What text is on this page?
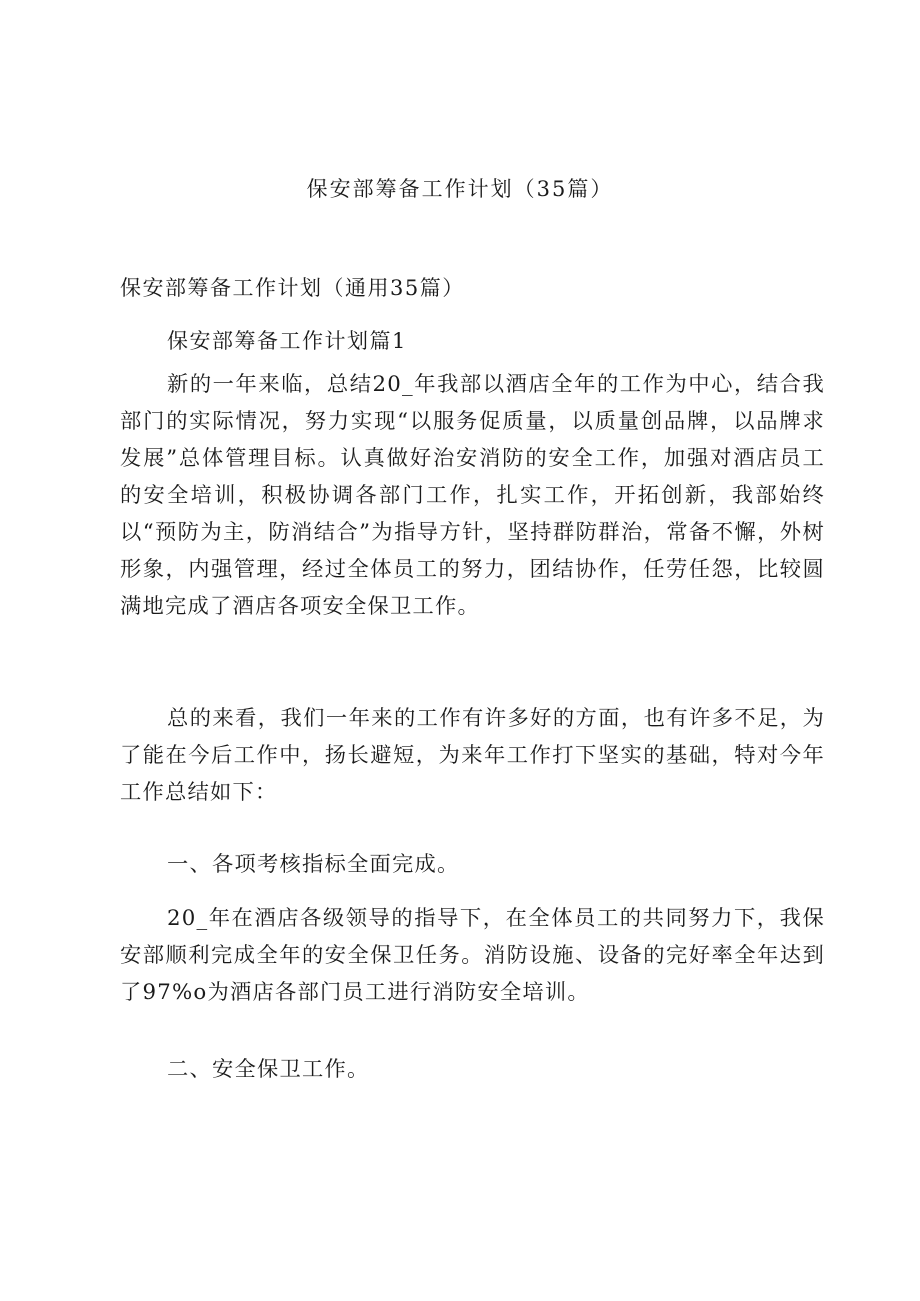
保安部筹备工作计划（35篇）

保安部筹备工作计划（通用35篇）

保安部筹备工作计划篇1

新的一年来临，总结20_年我部以酒店全年的工作为中心，结合我部门的实际情况，努力实现“以服务促质量，以质量创品牌，以品牌求发展”总体管理目标。认真做好治安消防的安全工作，加强对酒店员工的安全培训，积极协调各部门工作，扎实工作，开拓创新，我部始终以“预防为主，防消结合”为指导方针，坚持群防群治，常备不懈，外树形象，内强管理，经过全体员工的努力，团结协作，任劳任怨，比较圆满地完成了酒店各项安全保卫工作。

总的来看，我们一年来的工作有许多好的方面，也有许多不足，为了能在今后工作中，扬长避短，为来年工作打下坚实的基础，特对今年工作总结如下：

一、各项考核指标全面完成。

20_年在酒店各级领导的指导下，在全体员工的共同努力下，我保安部顺利完成全年的安全保卫任务。消防设施、设备的完好率全年达到了97%o为酒店各部门员工进行消防安全培训。

二、安全保卫工作。
